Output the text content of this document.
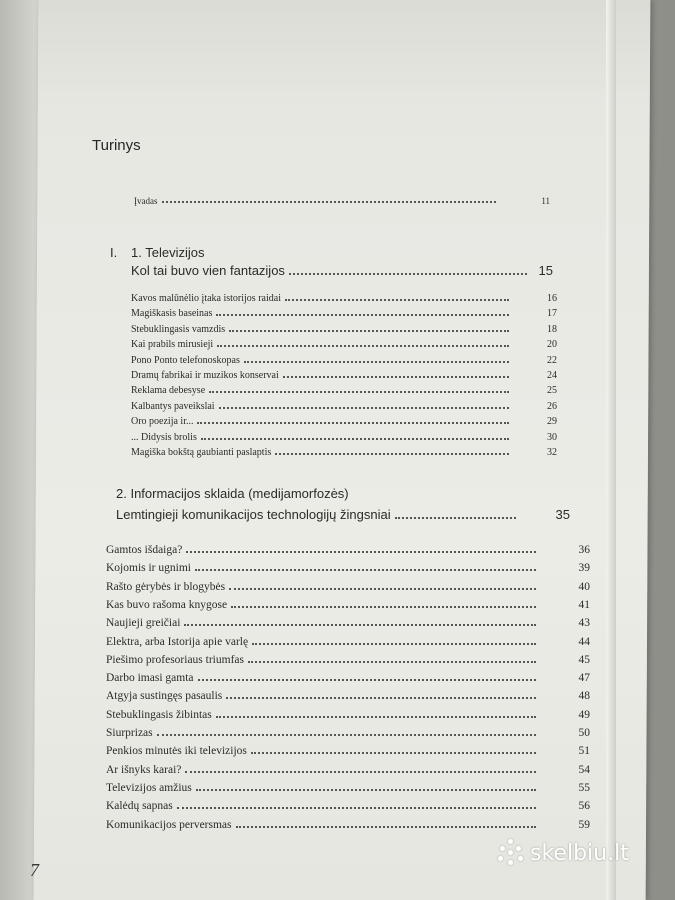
Turinys
Įvadas	11
I. 1. Televizijos
Kol tai buvo vien fantazijos	15
Kavos malūnėlio įtaka istorijos raidai	16
Magiškasis baseinas	17
Stebuklingasis vamzdis	18
Kai prabils mirusieji	20
Pono Ponto telefonoskopas	22
Dramų fabrikai ir muzikos konservai	24
Reklama debesyse	25
Kalbantys paveikslai	26
Oro poezija ir...	29
... Didysis brolis	30
Magiška bokštą gaubianti paslaptis	32
2. Informacijos sklaida (medijamorfozės)
Lemtingieji komunikacijos technologijų žingsniai	35
Gamtos išdaiga?	36
Kojomis ir ugnimi	39
Rašto gėrybės ir blogybės	40
Kas buvo rašoma knygose	41
Naujieji greičiai	43
Elektra, arba Istorija apie varlę	44
Piešimo profesoriaus triumfas	45
Darbo imasi gamta	47
Atgyja sustingęs pasaulis	48
Stebuklingasis žibintas	49
Siurprizas	50
Penkios minutės iki televizijos	51
Ar išnyks karai?	54
Televizijos amžius	55
Kalėdų sapnas	56
Komunikacijos perversmas	59
7
skelbiu.lt
